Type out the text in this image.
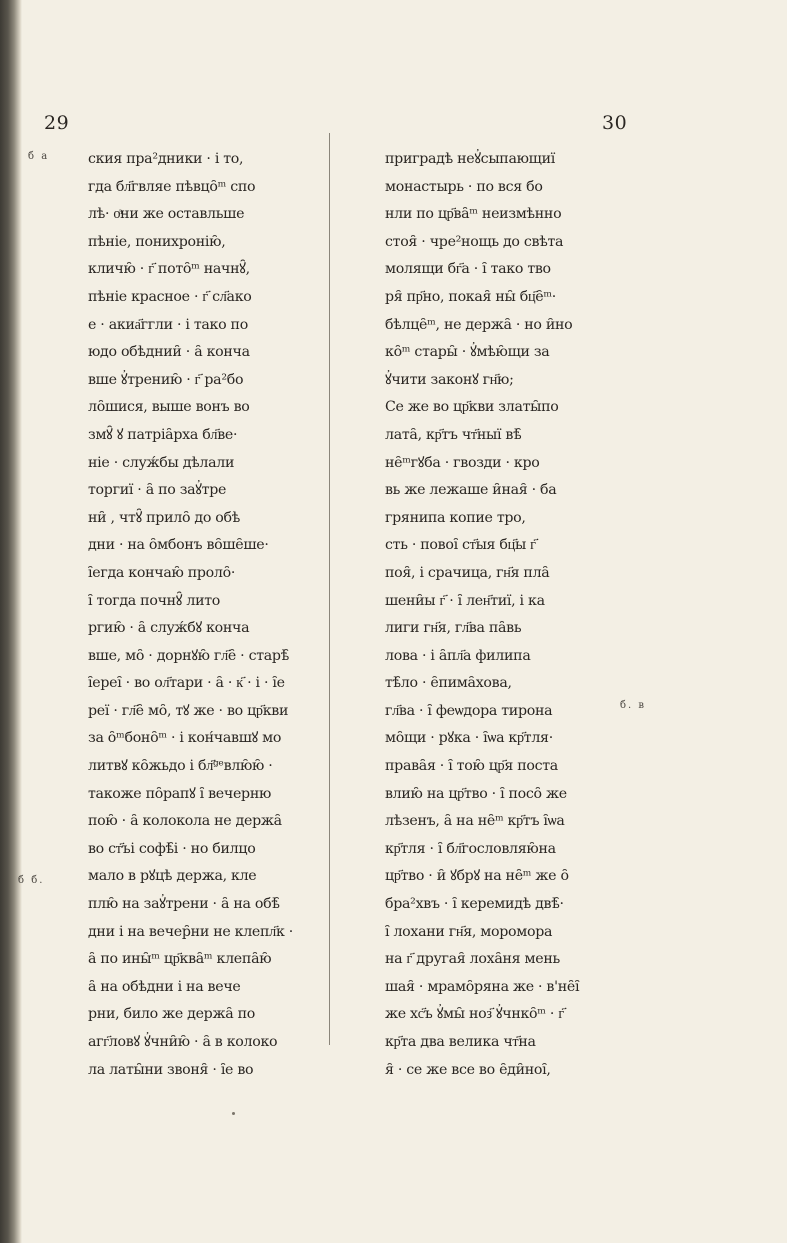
29	30
б а
б б.
б. в
ския пра²дники · і то,
гда бл҃гвляе пѣвцо̑ᵐ спо
лѣ· оͣни же оставльше
пѣніе, понихронію̑,
кличю̑ · г҃ пото̑ᵐ начнꙋ̑,
пѣніе красное · г҃ сл҃ако
е · акиа҃ггли · і тако по
юдо обѣднии̑ · а̑ конча
вше ꙋ҆трению̑ · г҃ ра²бо
ло̑шися, выше вонъ во
змꙋ̑ ꙋ патріа̑рха бл҃ве·
ніе · служ́бы дѣлали
торгиї · а̑ по заꙋ҆тре
ни̑ , чтꙋ̑ прило̑ до обѣ
дни · на о̑мбонъ во̑ше̑ше·
і̑егда кончаю̑ проло̑·
і̑ тогда почнꙋ̑ лито
ргию̑ · а̑ служ́бꙋ конча
вше, мо̑ · дорнꙋю̑ гл҃е̑ · старѣ̑
і̑ереі̑ · во ол҃тари · а̑ · к҃ · і · і̑е
реї · гл҃е̑ мо̑, тꙋ же · во цр҃кви
за о̑ᵐбоно̑ᵐ · і кон́чавшꙋ мо
литвꙋ ко̑жьдо і бл҃ᵍᵉвлю̑ю̑ ·
такоже по̑рапꙋ і̑ вечерню
пою̑ · а̑ колокола не держа̑
во ст҃ъі софѣ̑і · но билцо
мало в рꙋцѣ держа, кле
плю̑ на заꙋ҆трени · а̑ на обѣ̑
дни і на вечер̑ни не клепл҃к ·
а̑ по ины̑ᵐ цр҃ква̑ᵐ клепа̑ю̑
а̑ на обѣдни і на вече
рни, било же держа̑ по
агг҃ловꙋ ꙋ҆чни̑ю̑ · а̑ в колоко
ла латы̑ни звоня̑ · і̑е во
приградѣ неꙋ҆сыпающиї
монастырь · по вся бо
нли по цр҃ва̑ᵐ неизмѣнно
стоя̑ · чре²нощь до свѣта
молящи бг҃а · і̑ тако тво
ря̑ пр҃но, покая̑ ны̑ бц҃е̑ᵐ·
бѣлце̑ᵐ, не держа̑ · но и̑но
ко̑ᵐ стары̑ · ꙋ҆мѣю̑щи за
ꙋ҆чити законꙋ гн҃ю;
Се же во цр҃кви златы̑по
лата̑, кр҃тъ чт҃ныї вѣ̑
не̑ᵐгꙋба · гвозди · кро
вь же лежаше и̑ная̑ · ба
грянипа копие тро,
сть · повоі̑ ст҃ыя бц҃ы г҃
поя̑, і срачица, гн҃я пла̑
шени̑ы г҃ · і̑ лен҃тиї, і ка
лиги гн҃я, гл҃ва па̑вь
лова · і а̑пл҃а филипа
тѣ̑ло · е̑пима̑хова,
гл҃ва · і̑ феѡдора тирона
мо̑щи · рꙋка · і̑ѡа кр҃тля·
права̑я · і̑ тою̑ цр҃я поста
влию̑ на цр҃тво · і̑ посо̑ же
лѣзенъ, а̑ на не̑ᵐ кр҃тъ і̑ѡа
кр҃тля · і̑ бл҃гословляю̑на
цр҃тво · и̑ ꙋбрꙋ на не̑ᵐ же о̑
бра²хвъ · і̑ керемидѣ двѣ̑·
і̑ лохани гн҃я, моромора
на г҃ другая̑ лоха̑ня мень
шая̑ · мрамо̑ряна же · в'не̑і̑
же хс҃ъ ꙋ҆мы̑ ноз҃ ꙋ҆чнко̑ᵐ · г҃
кр҃та два велика чт҃на
я̑ · се же все во е̑ди̑ноі̑,
